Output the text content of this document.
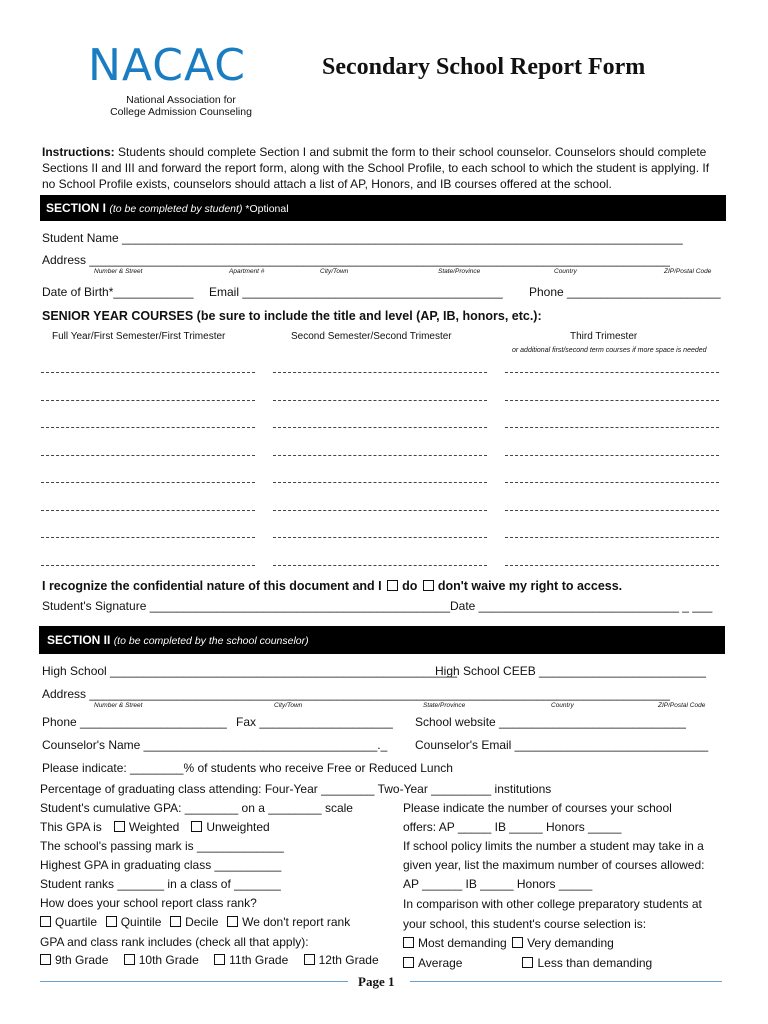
NACAC
National Association for
College Admission Counseling
Secondary School Report Form
Instructions: Students should complete Section I and submit the form to their school counselor. Counselors should complete Sections II and III and forward the report form, along with the School Profile, to each school to which the student is applying. If no School Profile exists, counselors should attach a list of AP, Honors, and IB courses offered at the school.
SECTION I (to be completed by student) *Optional
Student Name ____________________________________________________________________________________
Address _______________________________________________________________________________________
Number & Street	Apartment #	City/Town	State/Province	Country	ZIP/Postal Code
Date of Birth*____________ Email _______________________________________ Phone _______________________
SENIOR YEAR COURSES (be sure to include the title and level (AP, IB, honors, etc.):
Full Year/First Semester/First Trimester	Second Semester/Second Trimester	Third Trimester
or additional first/second term courses if more space is needed
I recognize the confidential nature of this document and I do don't waive my right to access.
Student's Signature _____________________________________________ Date ______________________________ _ ___
SECTION II (to be completed by the school counselor)
High School ____________________________________________________
High School CEEB _________________________
Address _______________________________________________________________________________________
Number & Street	City/Town	State/Province	Country	ZIP/Postal Code
Phone ______________________ Fax ____________________ School website ____________________________
Counselor's Name ___________________________________._ Counselor's Email _____________________________
Please indicate: ________% of students who receive Free or Reduced Lunch
Percentage of graduating class attending: Four-Year ________ Two-Year _________ institutions
Student's cumulative GPA: ________ on a ________ scale
This GPA is Weighted Unweighted
The school's passing mark is _____________
Highest GPA in graduating class __________
Student ranks _______ in a class of _______
How does your school report class rank?
Quartile Quintile Decile We don't report rank
GPA and class rank includes (check all that apply):
9th Grade	10th Grade	11th Grade	12th Grade
Please indicate the number of courses your school
offers: AP _____ IB _____ Honors _____
If school policy limits the number a student may take in a
given year, list the maximum number of courses allowed:
AP ______ IB _____ Honors _____
In comparison with other college preparatory students at
your school, this student's course selection is:
Most demanding Very demanding
Average	Less than demanding
Page 1
